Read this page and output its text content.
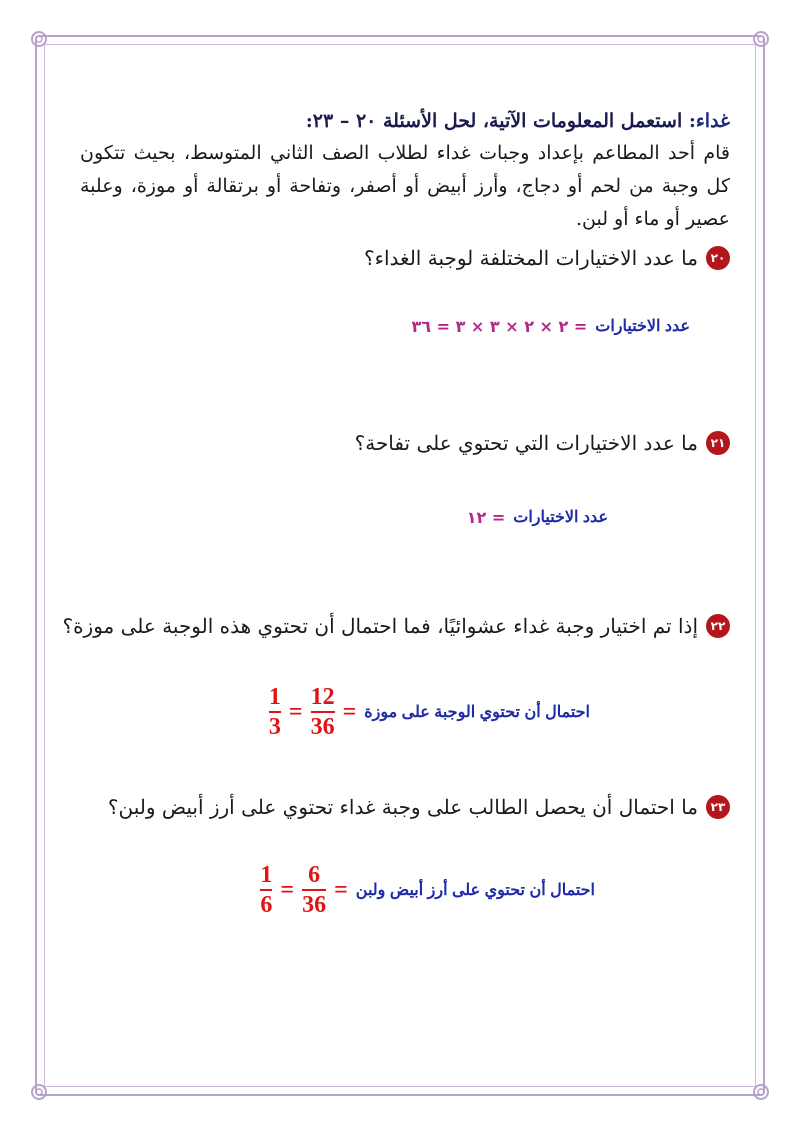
غداء: استعمل المعلومات الآتية، لحل الأسئلة ٢٠ – ٢٣:
قام أحد المطاعم بإعداد وجبات غداء لطلاب الصف الثاني المتوسط، بحيث تتكون كل وجبة من لحم أو دجاج، وأرز أبيض أو أصفر، وتفاحة أو برتقالة أو موزة، وعلبة عصير أو ماء أو لبن.
٢٠
ما عدد الاختيارات المختلفة لوجبة الغداء؟
عدد الاختيارات
= ٢ × ٢ × ٣ × ٣ = ٣٦
٢١
ما عدد الاختيارات التي تحتوي على تفاحة؟
عدد الاختيارات
= ١٢
٢٢
إذا تم اختيار وجبة غداء عشوائيًا، فما احتمال أن تحتوي هذه الوجبة على موزة؟
احتمال أن تحتوي الوجبة على موزة
$\frac{1}{3} = \frac{12}{36}$ =
٢٣
ما احتمال أن يحصل الطالب على وجبة غداء تحتوي على أرز أبيض ولبن؟
احتمال أن تحتوي على أرز أبيض ولبن
$\frac{1}{6} = \frac{6}{36}$ =
